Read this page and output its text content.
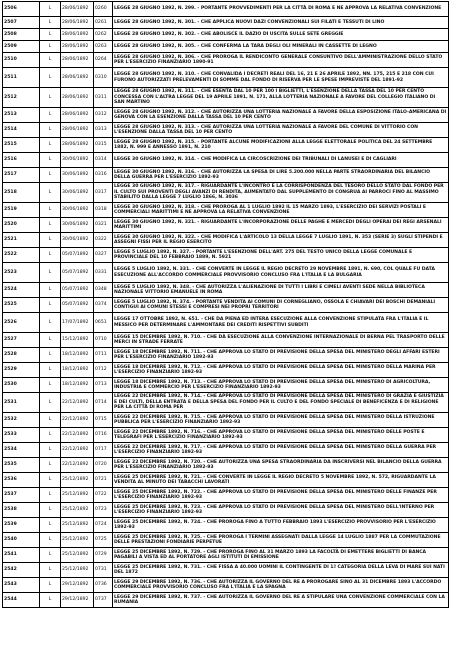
2506	L	28/06/1892	0260	LEGGE 28 GIUGNO 1892, N. 299. - PORTANTE PROVVEDIMENTI PER LA CITTÀ DI ROMA E NE APPROVA LA RELATIVA CONVENZIONE
2507	L	28/06/1892	0261	LEGGE 28 GIUGNO 1892, N. 301. - CHE APPLICA NUOVI DAZI CONVENZIONALI SUI FILATI E TESSUTI DI LINO
2508	L	28/06/1892	0262	LEGGE 28 GIUGNO 1892, N. 302. - CHE ABOLISCE IL DAZIO DI USCITA SULLE SETE GREGGIE
2509	L	28/06/1892	0263	LEGGE 28 GIUGNO 1892, N. 305. - CHE CONFERMA LA TARA DEGLI OLI MINERALI IN CASSETTE DI LEGNO
2510	L	28/06/1892	0264	LEGGE 28 GIUGNO 1892, N. 306. - CHE PROROGA IL RENDICONTO GENERALE CONSUNTIVO DELL'AMMINISTRAZIONE DELLO STATO PER L'ESERCIZIO FINANZIARIO 1890-91
2511	L	28/06/1892	0310	LEGGE 28 GIUGNO 1892, N. 310. - CHE CONVALIDA I DECRETI REALI DEL 16, 21 E 26 APRILE 1892, NN. 175, 215 E 218 CON CUI FURONO AUTORIZZATI PRELEVAMENTI DI SOMME DAL FONDO DI RISERVA PER LE SPESE IMPREVISTE DEL 1891-92
2512	L	28/06/1892	0311	LEGGE 28 GIUGNO 1892, N. 311. - CHE ESENTA DAL 10 PER 100 I BIGLIETTI, L'ESENZIONE DELLA TASSA DEL 10 PER CENTO CONCESSA CON L'ALTRA LEGGE DEL 19 APRILE 1891, N. 171, ALLA LOTTERIA NAZIONALE A FAVORE DEL COLLEGIO ITALIANO DI SAN MARTINO
2513	L	28/06/1892	0312	LEGGE 28 GIUGNO 1892, N. 312. - CHE AUTORIZZA UNA LOTTERIA NAZIONALE A FAVORE DELLA ESPOSIZIONE ITALO-AMERICANA DI GENOVA CON LA ESENZIONE DALLA TASSA DEL 10 PER CENTO
2514	L	28/06/1892	0313	LEGGE 28 GIUGNO 1892, N. 313. - CHE AUTORIZZA UNA LOTTERIA NAZIONALE A FAVORE DEL COMUNE DI VITTORIO CON L'ESENZIONE DALLA TASSA DEL 10 PER CENTO
2515	L	28/06/1892	0315	LEGGE 28 GIUGNO 1892, N. 315. - PORTANTE ALCUNE MODIFICAZIONI ALLA LEGGE ELETTORALE POLITICA DEL 24 SETTEMBRE 1882, N. 999 E ANNESSO 1891, N. 210
2516	L	30/06/1892	0314	LEGGE 30 GIUGNO 1892, N. 314. - CHE MODIFICA LA CIRCOSCRIZIONE DEI TRIBUNALI DI LANUSEI E DI CAGLIARI
2517	L	30/06/1892	0316	LEGGE 30 GIUGNO 1892, N. 316. - CHE AUTORIZZA LA SPESA DI LIRE 5.200.000 NELLA PARTE STRAORDINARIA DEL BILANCIO DELLA GUERRA PER L'ESERCIZIO 1892-93
2518	L	30/06/1892	0317	LEGGE 30 GIUGNO 1892, N. 317. - RIGUARDANTE L'INCONTRO E LA CORRISPONDENZA DEL TESORO DELLO STATO DAL FONDO PER IL CULTO SUI PROVENTI DEGLI AVANZI DI RENDITA, AUMENTATO DAL SUPPLEMENTO DI CONGRUA AI PARROCI FINO AL MASSIMO STABILITO DALLA LEGGE 7 LUGLIO 1866, N. 3036
2519	L	30/06/1892	0318	LEGGE 30 GIUGNO 1892, N. 318. - CHE PROROGA AL 1 LUGLIO 1892 IL 15 MARZO 1893, L'ESERCIZIO DEI SERVIZI POSTALI E COMMERCIALI MARITTIMI E NE APPROVA LA RELATIVA CONVENZIONE
2520	L	30/06/1892	0321	LEGGE 30 GIUGNO 1892, N. 321. - RIGUARDANTE L'INCORPORAZIONE DELLE PAGHE E MERCEDI DEGLI OPERAI DEI REGI ARSENALI MARITTIMI
2521	L	30/06/1892	0322	LEGGE 30 GIUGNO 1892, N. 322. - CHE MODIFICA L'ARTICOLO 13 DELLA LEGGE 7 LUGLIO 1891, N. 353 (SERIE 3) SUGLI STIPENDI E ASSEGNI FISSI PER IL REGIO ESERCITO
2522	L	05/07/1892	0327	LEGGE 5 LUGLIO 1892, N. 327. - PORTANTE L'ESENZIONE DELL'ART. 275 DEL TESTO UNICO DELLA LEGGE COMUNALE E PROVINCIALE DEL 10 FEBBRAIO 1889, N. 5921
2523	L	05/07/1892	0331	LEGGE 5 LUGLIO 1892, N. 331. - CHE CONVERTE IN LEGGE IL REGIO DECRETO 29 NOVEMBRE 1891, N. 690, COL QUALE FU DATA ESECUZIONE ALL'ACCORDO COMMERCIALE PROVVISORIO CONCLUSO FRA L'ITALIA E LA BULGARIA
2524	L	05/07/1892	0348	LEGGE 5 LUGLIO 1892, N. 348. - CHE AUTORIZZA L'ALIENAZIONE DI TUTTI I LIBRI E CIMELI AVENTI SEDE NELLA BIBLIOTECA NAZIONALE VITTORIO EMANUELE IN ROMA
2525	L	05/07/1892	0374	LEGGE 5 LUGLIO 1892, N. 374. - PORTANTE VENDITA AI COMUNI DI CORNEGLIANO, OSSOLA E CHIAVARI DEI BOSCHI DEMANIALI CONTIGUI AI COMUNI STESSI E COMPRESI NEI PROPRI TERRITORI
2526	L	17/07/1892	0651	LEGGE 17 OTTOBRE 1892, N. 651. - CHE DA PIENA ED INTERA ESECUZIONE ALLA CONVENZIONE STIPULATA FRA L'ITALIA E IL MESSICO PER DETERMINARE L'AMMONTARE DEI CREDITI RISPETTIVI SUBDITI
2527	L	15/12/1892	0710	LEGGE 15 DICEMBRE 1892, N. 710. - CHE DÀ ESECUZIONE ALLA CONVENZIONE INTERNAZIONALE DI BERNA PEL TRASPORTO DELLE MERCI IN STRADE FERRATE
2528	L	18/12/1892	0711	LEGGE 18 DICEMBRE 1892, N. 711. - CHE APPROVA LO STATO DI PREVISIONE DELLA SPESA DEL MINISTERO DEGLI AFFARI ESTERI PER L'ESERCIZIO FINANZIARIO 1892-93
2529	L	18/12/1892	0712	LEGGE 18 DICEMBRE 1892, N. 712. - CHE APPROVA LO STATO DI PREVISIONE DELLA SPESA DEL MINISTERO DELLA MARINA PER L'ESERCIZIO FINANZIARIO 1892-93
2530	L	18/12/1892	0713	LEGGE 18 DICEMBRE 1892, N. 713. - CHE APPROVA LO STATO DI PREVISIONE DELLA SPESA DEL MINISTERO DI AGRICOLTURA, INDUSTRIA E COMMERCIO PER L'ESERCIZIO FINANZIARIO 1892-93
2531	L	22/12/1892	0714	LEGGE 22 DICEMBRE 1892, N. 714. - CHE APPROVA LO STATO DI PREVISIONE DELLA SPESA DEL MINISTERO DI GRAZIA E GIUSTIZIA E DEI CULTI, DELLA ENTRATA E DELLA SPESA DEL FONDO PER IL CULTO E DEL FONDO SPECIALE DI BENEFICENZA E DI RELIGIONE PER LA CITTÀ DI ROMA PER
2532	L	22/12/1892	0715	LEGGE 22 DICEMBRE 1892, N. 715. - CHE APPROVA LO STATO DI PREVISIONE DELLA SPESA DEL MINISTERO DELLA ISTRUZIONE PUBBLICA PER L'ESERCIZIO FINANZIARIO 1892-93
2533	L	22/12/1892	0716	LEGGE 22 DICEMBRE 1892, N. 716. - CHE APPROVA LO STATO DI PREVISIONE DELLA SPESA DEL MINISTERO DELLE POSTE E TELEGRAFI PER L'ESERCIZIO FINANZIARIO 1892-93
2534	L	22/12/1892	0717	LEGGE 22 DICEMBRE 1892, N. 717. - CHE APPROVA LO STATO DI PREVISIONE DELLA SPESA DEL MINISTERO DELLA GUERRA PER L'ESERCIZIO FINANZIARIO 1892-93
2535	L	22/12/1892	0720	LEGGE 22 DICEMBRE 1892, N. 720. - CHE AUTORIZZA UNA SPESA STRAORDINARIA DA INSCRIVERSI NEL BILANCIO DELLA GUERRA PER L'ESERCIZIO FINANZIARIO 1892-93
2536	L	25/12/1892	0721	LEGGE 25 DICEMBRE 1892, N. 721. - CHE CONVERTE IN LEGGE IL REGIO DECRETO 5 NOVEMBRE 1892, N. 572, RIGUARDANTE LA VENDITA AL MINUTO DEI TABACCHI LAVORATI
2537	L	25/12/1892	0722	LEGGE 25 DICEMBRE 1892, N. 722. - CHE APPROVA LO STATO DI PREVISIONE DELLA SPESA DEL MINISTERO DELLE FINANZE PER L'ESERCIZIO FINANZIARIO 1892-93
2538	L	25/12/1892	0723	LEGGE 25 DICEMBRE 1892, N. 723. - CHE APPROVA LO STATO DI PREVISIONE DELLA SPESA DEL MINISTERO DELL'INTERNO PER L'ESERCIZIO FINANZIARIO 1892-93
2539	L	25/12/1892	0724	LEGGE 25 DICEMBRE 1892, N. 724. - CHE PROROGA FINO A TUTTO FEBBRAIO 1893 L'ESERCIZIO PROVVISORIO PER L'ESERCIZIO 1892-93
2540	L	25/12/1892	0725	LEGGE 25 DICEMBRE 1892, N. 725. - CHE PROROGA I TERMINI ASSEGNATI DALLA LEGGE 14 LUGLIO 1887 PER LA COMMUTAZIONE DELLE PRESTAZIONI FONDIARIE PERPETUE
2541	L	25/12/1892	0729	LEGGE 25 DICEMBRE 1892, N. 729. - CHE PROROGA FINO AL 31 MARZO 1893 LA FACOLTÀ DI EMETTERE BIGLIETTI DI BANCA PAGABILI A VISTA ED AL PORTATORE AGLI ISTITUTI DI EMISSIONE
2542	L	25/12/1892	0731	LEGGE 25 DICEMBRE 1892, N. 731. - CHE FISSA A 40.000 UOMINI IL CONTINGENTE DI 1ª CATEGORIA DELLA LEVA DI MARE SUI NATI DEL 1872
2543	L	29/12/1892	0736	LEGGE 29 DICEMBRE 1892, N. 736. - CHE AUTORIZZA IL GOVERNO DEL RE A PROROGARE SINO AL 31 DICEMBRE 1893 L'ACCORDO COMMERCIALE PROVVISORIO CONCLUSO FRA L'ITALIA E LA SPAGNA
2544	L	29/12/1892	0737	LEGGE 29 DICEMBRE 1892, N. 737. - CHE AUTORIZZA IL GOVERNO DEL RE A STIPULARE UNA CONVENZIONE COMMERCIALE CON LA RUMANIA
